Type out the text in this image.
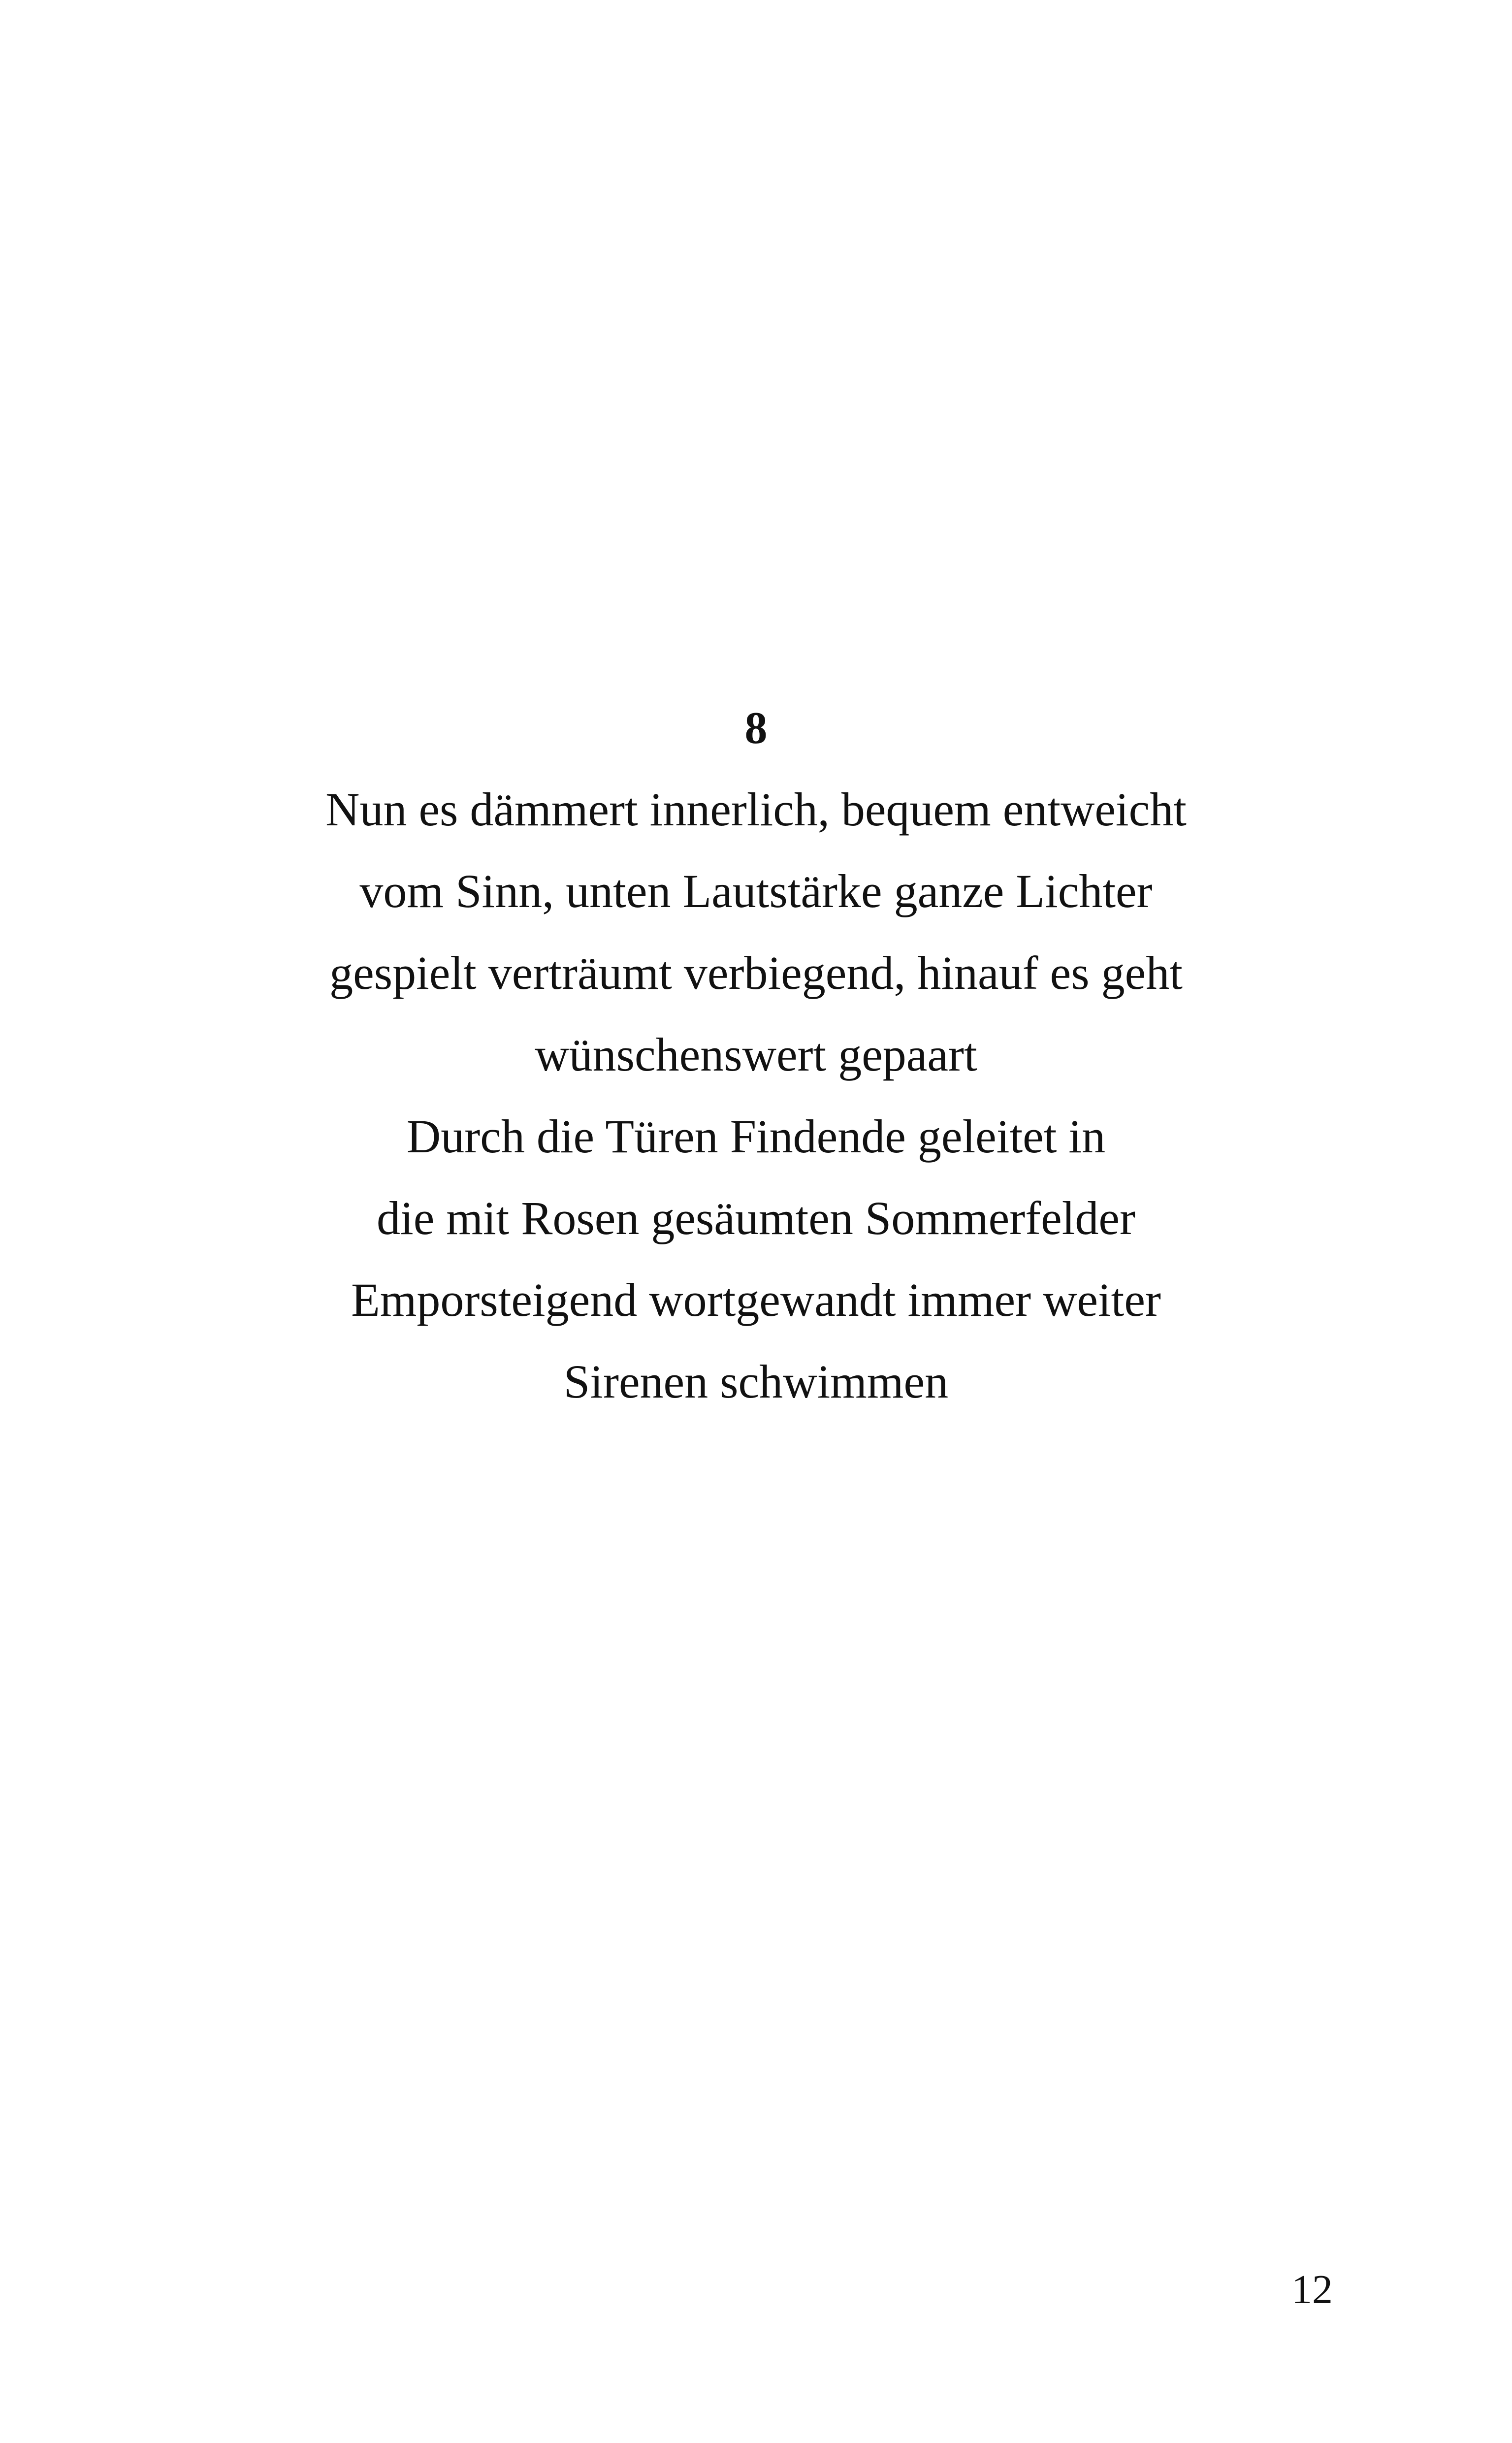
8
Nun es dämmert innerlich, bequem entweicht
vom Sinn, unten Lautstärke ganze Lichter
gespielt verträumt verbiegend, hinauf es geht
wünschenswert gepaart
Durch die Türen Findende geleitet in
die mit Rosen gesäumten Sommerfelder
Emporsteigend wortgewandt immer weiter
Sirenen schwimmen
12
